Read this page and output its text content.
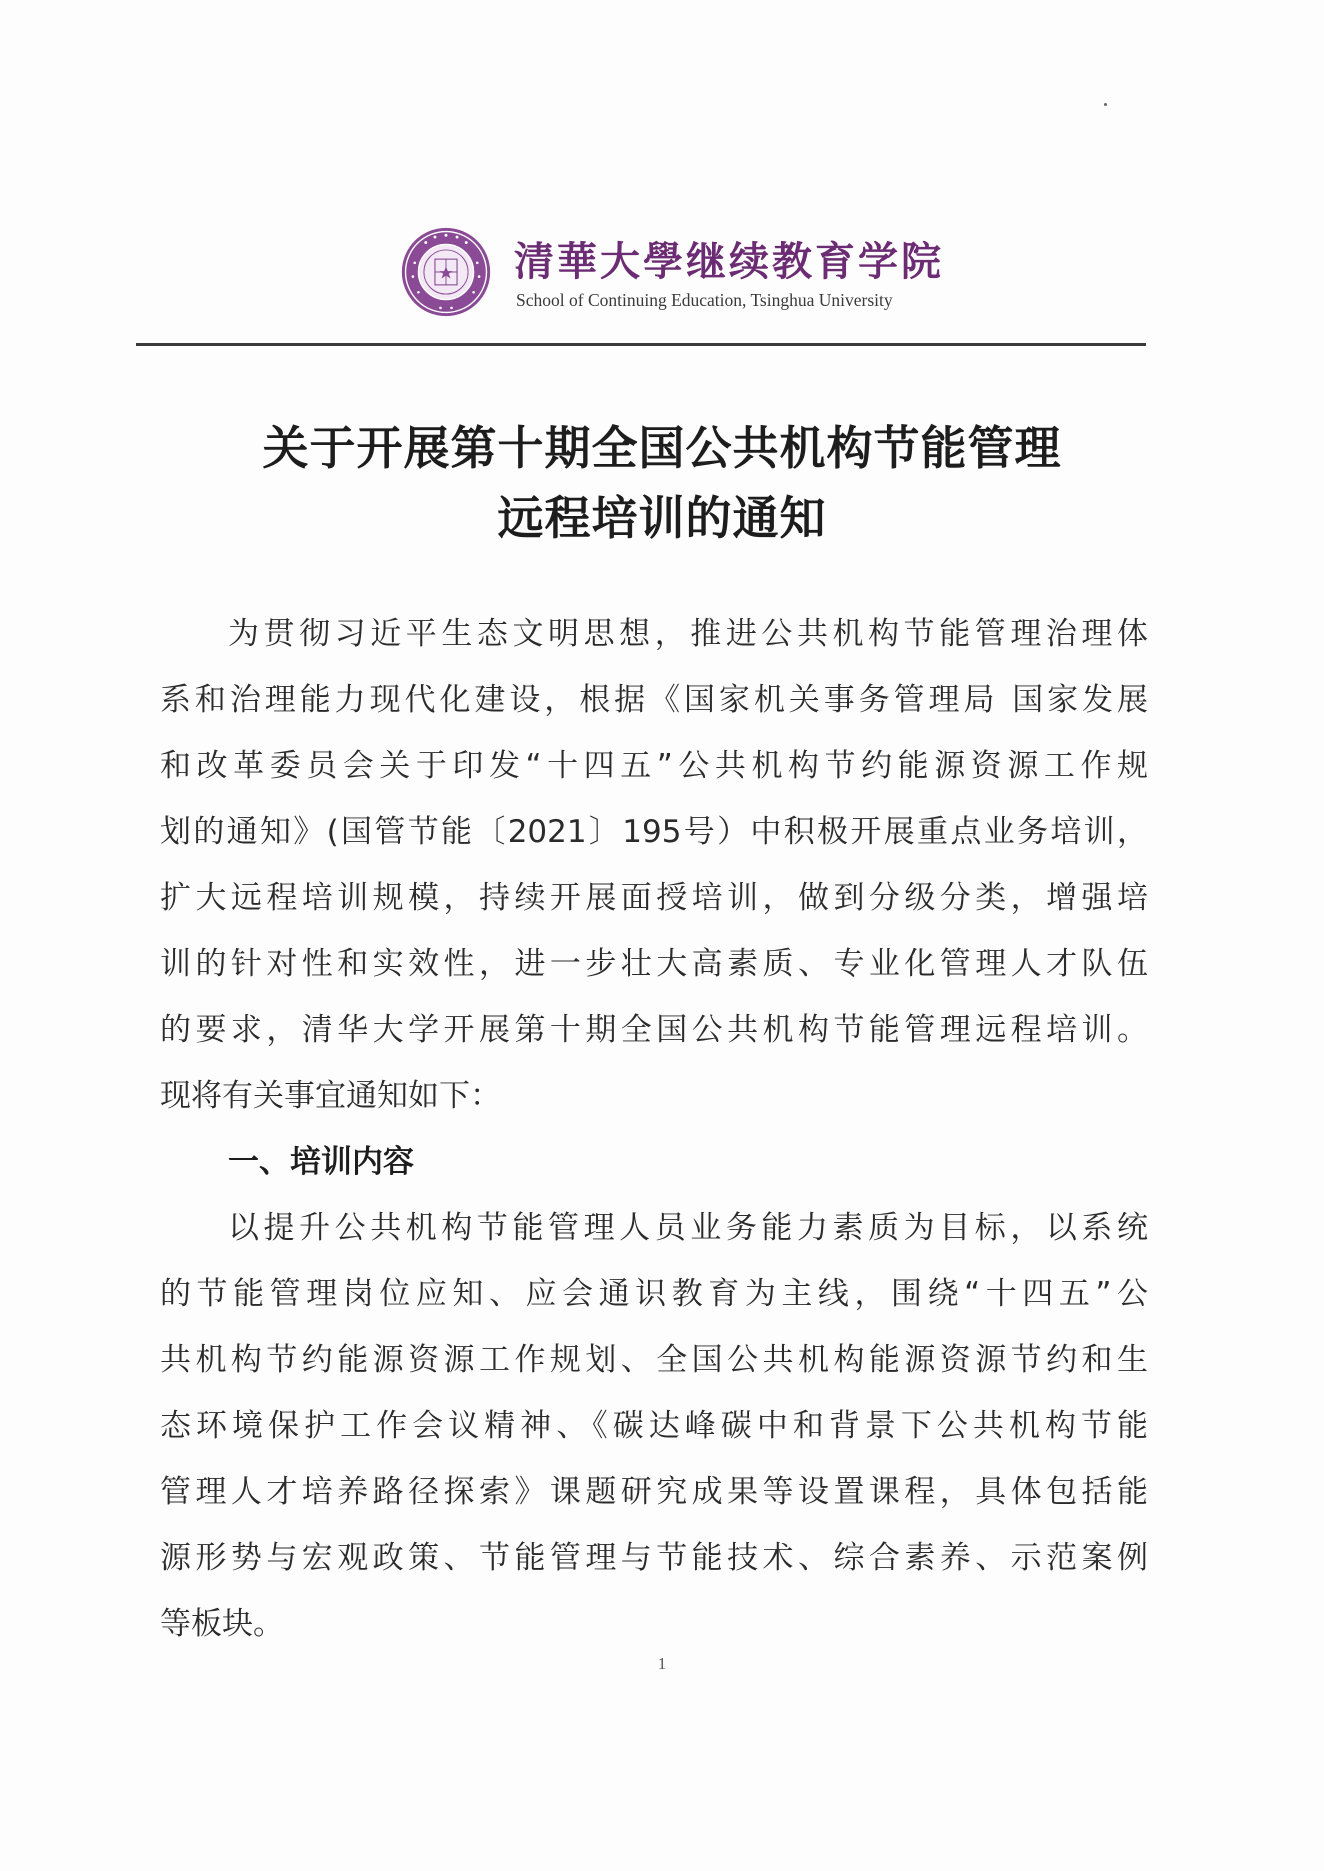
清華大學继续教育学院
School of Continuing Education, Tsinghua University
关于开展第十期全国公共机构节能管理
远程培训的通知
为贯彻习近平生态文明思想，推进公共机构节能管理治理体
系和治理能力现代化建设，根据《国家机关事务管理局 国家发展
和改革委员会关于印发“十四五”公共机构节约能源资源工作规
划的通知》(国管节能〔2021〕195号）中积极开展重点业务培训，
扩大远程培训规模，持续开展面授培训，做到分级分类，增强培
训的针对性和实效性，进一步壮大高素质、专业化管理人才队伍
的要求，清华大学开展第十期全国公共机构节能管理远程培训。
现将有关事宜通知如下：
一、培训内容
以提升公共机构节能管理人员业务能力素质为目标，以系统
的节能管理岗位应知、应会通识教育为主线，围绕“十四五”公
共机构节约能源资源工作规划、全国公共机构能源资源节约和生
态环境保护工作会议精神、《碳达峰碳中和背景下公共机构节能
管理人才培养路径探索》课题研究成果等设置课程，具体包括能
源形势与宏观政策、节能管理与节能技术、综合素养、示范案例
等板块。
1
